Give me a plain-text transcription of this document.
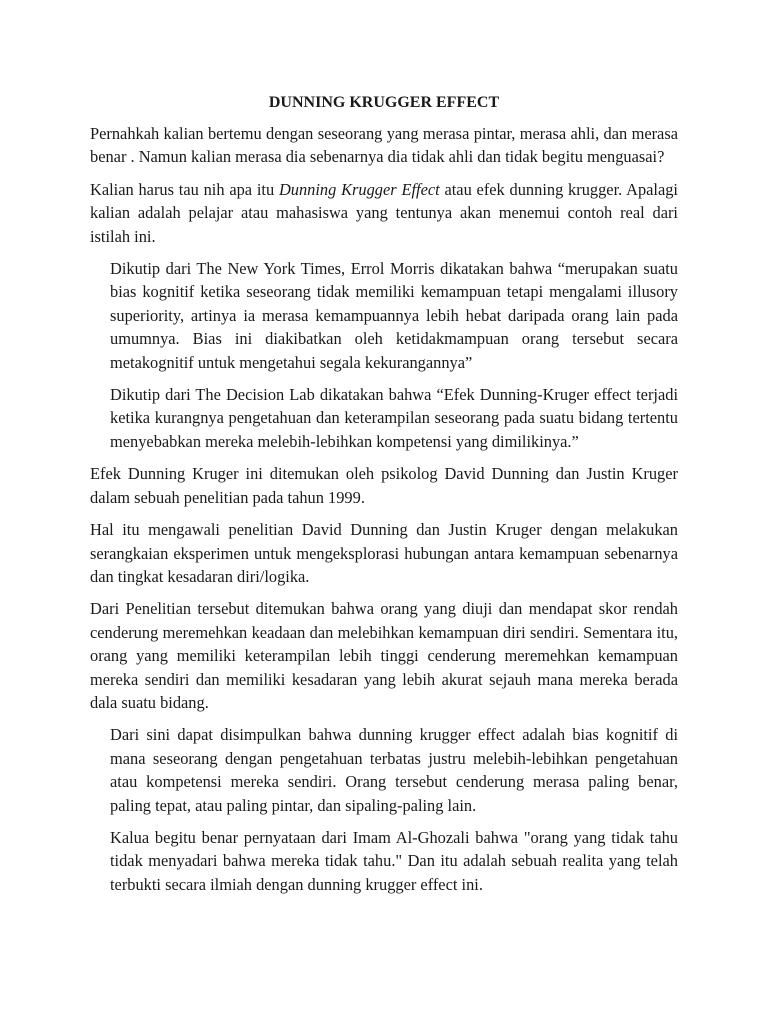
DUNNING KRUGGER EFFECT

Pernahkah kalian bertemu dengan seseorang yang merasa pintar, merasa ahli, dan merasa benar . Namun kalian merasa dia sebenarnya dia tidak ahli dan tidak begitu menguasai?

Kalian harus tau nih apa itu Dunning Krugger Effect atau efek dunning krugger. Apalagi kalian adalah pelajar atau mahasiswa yang tentunya akan menemui contoh real dari istilah ini.

Dikutip dari The New York Times, Errol Morris dikatakan bahwa “merupakan suatu bias kognitif ketika seseorang tidak memiliki kemampuan tetapi mengalami illusory superiority, artinya ia merasa kemampuannya lebih hebat daripada orang lain pada umumnya. Bias ini diakibatkan oleh ketidakmampuan orang tersebut secara metakognitif untuk mengetahui segala kekurangannya”

Dikutip dari The Decision Lab dikatakan bahwa “Efek Dunning-Kruger effect terjadi ketika kurangnya pengetahuan dan keterampilan seseorang pada suatu bidang tertentu menyebabkan mereka melebih-lebihkan kompetensi yang dimilikinya.”

Efek Dunning Kruger ini ditemukan oleh psikolog David Dunning dan Justin Kruger dalam sebuah penelitian pada tahun 1999.

Hal itu mengawali penelitian David Dunning dan Justin Kruger dengan melakukan serangkaian eksperimen untuk mengeksplorasi hubungan antara kemampuan sebenarnya dan tingkat kesadaran diri/logika.

Dari Penelitian tersebut ditemukan bahwa orang yang diuji dan mendapat skor rendah cenderung meremehkan keadaan dan melebihkan kemampuan diri sendiri. Sementara itu, orang yang memiliki keterampilan lebih tinggi cenderung meremehkan kemampuan mereka sendiri dan memiliki kesadaran yang lebih akurat sejauh mana mereka berada dala suatu bidang.

Dari sini dapat disimpulkan bahwa dunning krugger effect adalah bias kognitif di mana seseorang dengan pengetahuan terbatas justru melebih-lebihkan pengetahuan atau kompetensi mereka sendiri. Orang tersebut cenderung merasa paling benar, paling tepat, atau paling pintar, dan sipaling-paling lain.

Kalua begitu benar pernyataan dari Imam Al-Ghozali bahwa "orang yang tidak tahu tidak menyadari bahwa mereka tidak tahu." Dan itu adalah sebuah realita yang telah terbukti secara ilmiah dengan dunning krugger effect ini.
